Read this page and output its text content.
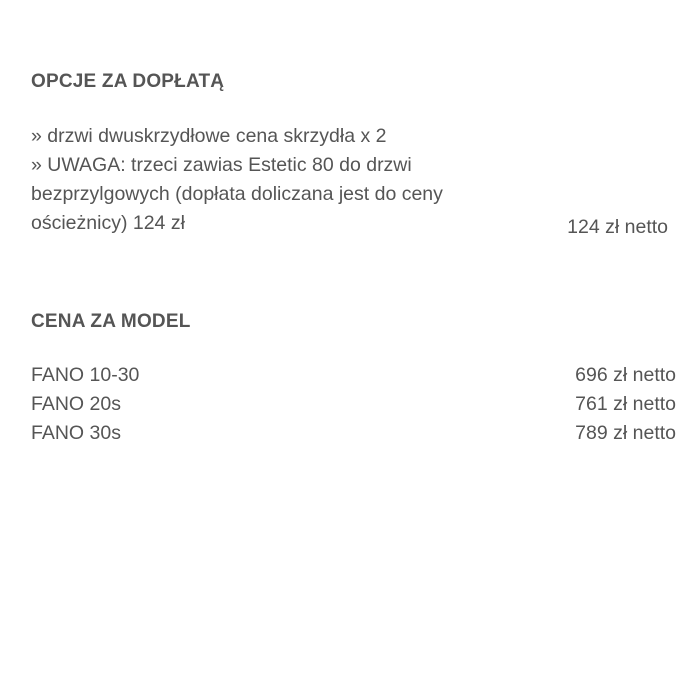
OPCJE ZA DOPŁATĄ
» drzwi dwuskrzydłowe cena skrzydła x 2
» UWAGA: trzeci zawias Estetic 80 do drzwi bezprzylgowych (dopłata doliczana jest do ceny ościeżnicy) 124 zł	124 zł netto
CENA ZA MODEL
FANO 10-30	696 zł netto
FANO 20s	761 zł netto
FANO 30s	789 zł netto
